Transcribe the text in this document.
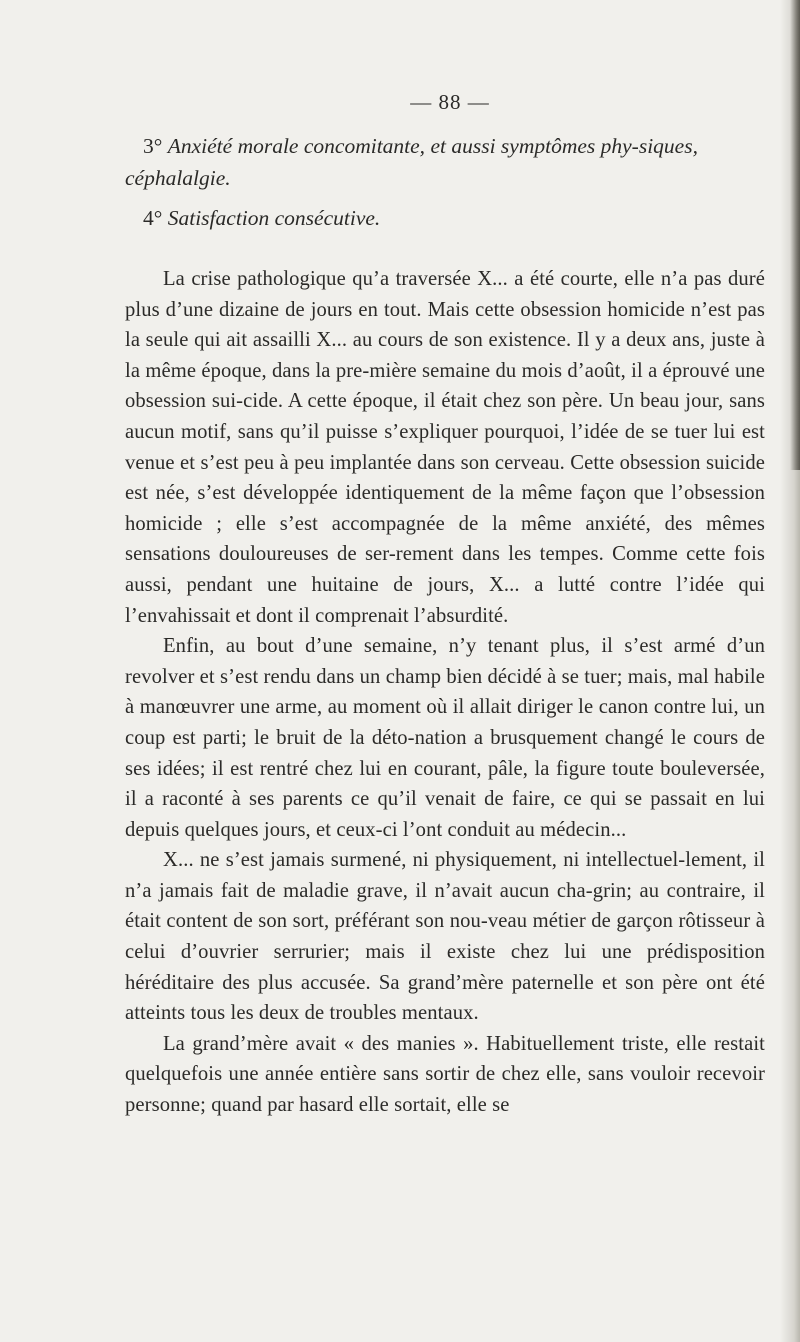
— 88 —

3° Anxiété morale concomitante, et aussi symptômes phy-siques, céphalalgie.

4° Satisfaction consécutive.

La crise pathologique qu’a traversée X... a été courte, elle n’a pas duré plus d’une dizaine de jours en tout. Mais cette obsession homicide n’est pas la seule qui ait assailli X... au cours de son existence. Il y a deux ans, juste à la même époque, dans la pre-mière semaine du mois d’août, il a éprouvé une obsession sui-cide. A cette époque, il était chez son père. Un beau jour, sans aucun motif, sans qu’il puisse s’expliquer pourquoi, l’idée de se tuer lui est venue et s’est peu à peu implantée dans son cerveau. Cette obsession suicide est née, s’est développée identiquement de la même façon que l’obsession homicide ; elle s’est accompagnée de la même anxiété, des mêmes sensations douloureuses de ser-rement dans les tempes. Comme cette fois aussi, pendant une huitaine de jours, X... a lutté contre l’idée qui l’envahissait et dont il comprenait l’absurdité.

Enfin, au bout d’une semaine, n’y tenant plus, il s’est armé d’un revolver et s’est rendu dans un champ bien décidé à se tuer; mais, mal habile à manœuvrer une arme, au moment où il allait diriger le canon contre lui, un coup est parti; le bruit de la déto-nation a brusquement changé le cours de ses idées; il est rentré chez lui en courant, pâle, la figure toute bouleversée, il a raconté à ses parents ce qu’il venait de faire, ce qui se passait en lui depuis quelques jours, et ceux-ci l’ont conduit au médecin...

X... ne s’est jamais surmené, ni physiquement, ni intellectuel-lement, il n’a jamais fait de maladie grave, il n’avait aucun cha-grin; au contraire, il était content de son sort, préférant son nou-veau métier de garçon rôtisseur à celui d’ouvrier serrurier; mais il existe chez lui une prédisposition héréditaire des plus accusée. Sa grand’mère paternelle et son père ont été atteints tous les deux de troubles mentaux.

La grand’mère avait « des manies ». Habituellement triste, elle restait quelquefois une année entière sans sortir de chez elle, sans vouloir recevoir personne; quand par hasard elle sortait, elle se
